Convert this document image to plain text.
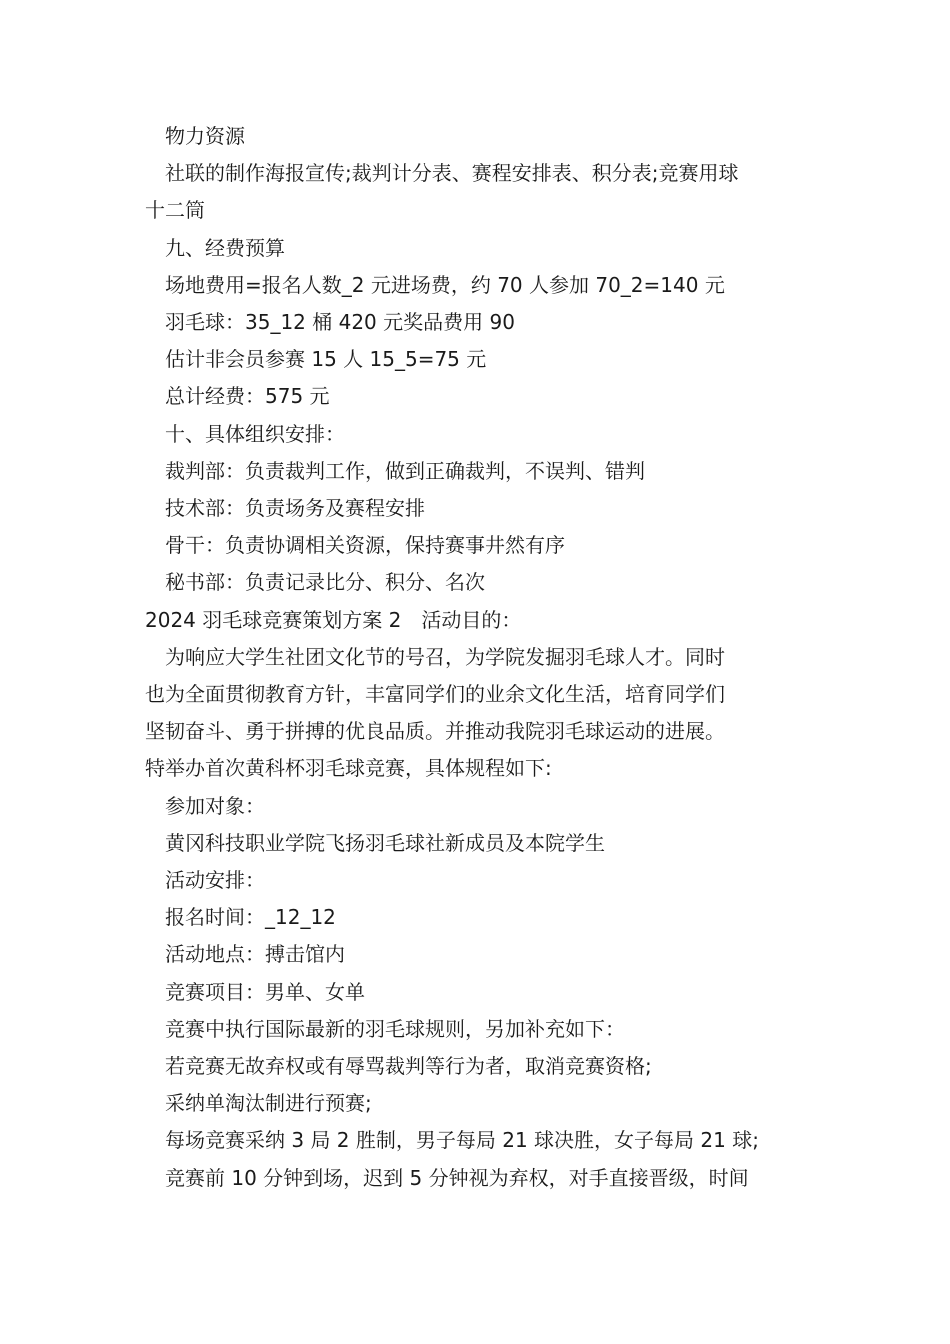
物力资源

社联的制作海报宣传;裁判计分表、赛程安排表、积分表;竞赛用球
十二筒

九、经费预算

场地费用=报名人数_2 元进场费，约 70 人参加 70_2=140 元

羽毛球：35_12 桶 420 元奖品费用 90

估计非会员参赛 15 人 15_5=75 元

总计经费：575 元

十、具体组织安排：

裁判部：负责裁判工作，做到正确裁判，不误判、错判

技术部：负责场务及赛程安排

骨干：负责协调相关资源，保持赛事井然有序

秘书部：负责记录比分、积分、名次

2024 羽毛球竞赛策划方案 2　活动目的：

为响应大学生社团文化节的号召，为学院发掘羽毛球人才。同时
也为全面贯彻教育方针，丰富同学们的业余文化生活，培育同学们
坚韧奋斗、勇于拼搏的优良品质。并推动我院羽毛球运动的进展。
特举办首次黄科杯羽毛球竞赛，具体规程如下:

参加对象：

黄冈科技职业学院飞扬羽毛球社新成员及本院学生

活动安排：

报名时间：_12_12

活动地点：搏击馆内

竞赛项目：男单、女单

竞赛中执行国际最新的羽毛球规则，另加补充如下：

若竞赛无故弃权或有辱骂裁判等行为者，取消竞赛资格;

采纳单淘汰制进行预赛;

每场竞赛采纳 3 局 2 胜制，男子每局 21 球决胜，女子每局 21 球;

竞赛前 10 分钟到场，迟到 5 分钟视为弃权，对手直接晋级，时间
